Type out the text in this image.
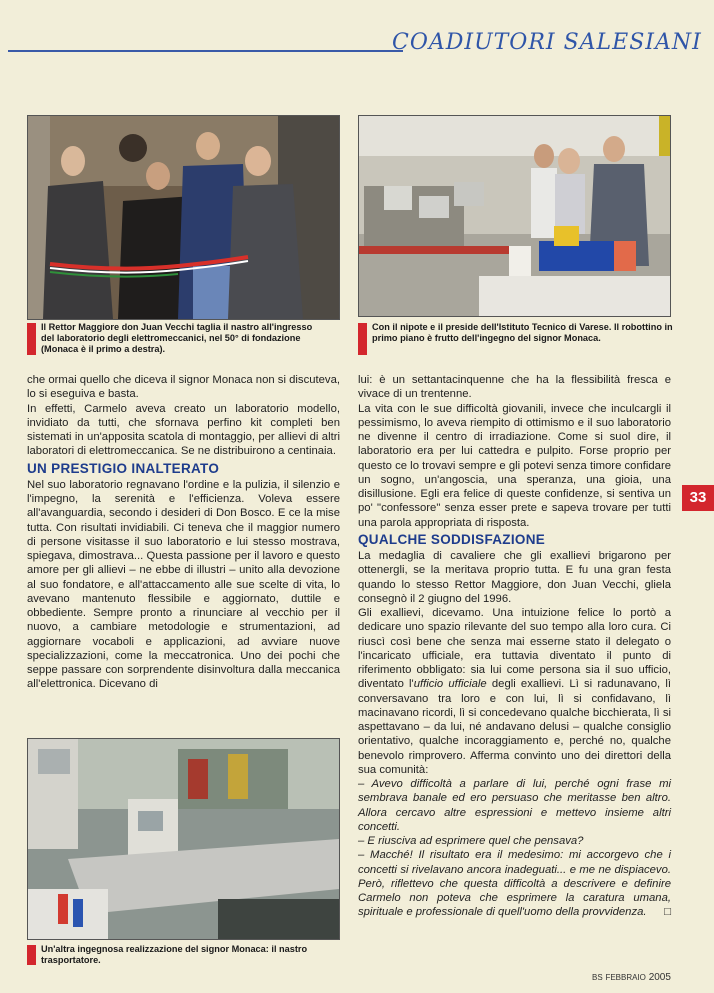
COADIUTORI SALESIANI
Il Rettor Maggiore don Juan Vecchi taglia il nastro all'ingresso del laboratorio degli elettromeccanici, nel 50° di fondazione (Monaca è il primo a destra).
Con il nipote e il preside dell'Istituto Tecnico di Varese. Il robottino in primo piano è frutto dell'ingegno del signor Monaca.

che ormai quello che diceva il signor Monaca non si discuteva, lo si eseguiva e basta.

In effetti, Carmelo aveva creato un laboratorio modello, invidiato da tutti, che sfornava perfino kit completi ben sistemati in un'apposita scatola di montaggio, per allievi di altri laboratori di elettromeccanica. Se ne distribuirono a centinaia.

UN PRESTIGIO INALTERATO

Nel suo laboratorio regnavano l'ordine e la pulizia, il silenzio e l'impegno, la serenità e l'efficienza. Voleva essere all'avanguardia, secondo i desideri di Don Bosco. E ce la mise tutta. Con risultati invidiabili. Ci teneva che il maggior numero di persone visitasse il suo laboratorio e lui stesso mostrava, spiegava, dimostrava... Questa passione per il lavoro e questo amore per gli allievi – ne ebbe di illustri – unito alla devozione al suo fondatore, e all'attaccamento alle sue scelte di vita, lo avevano mantenuto flessibile e aggiornato, duttile e obbediente. Sempre pronto a rinunciare al vecchio per il nuovo, a cambiare metodologie e strumentazioni, ad aggiornare vocaboli e applicazioni, ad avviare nuove specializzazioni, come la meccatronica. Uno dei pochi che seppe passare con sorprendente disinvoltura dalla meccanica all'elettronica. Dicevano di

Un'altra ingegnosa realizzazione del signor Monaca: il nastro trasportatore.

lui: è un settantacinquenne che ha la flessibilità fresca e vivace di un trentenne.

La vita con le sue difficoltà giovanili, invece che inculcargli il pessimismo, lo aveva riempito di ottimismo e il suo laboratorio ne divenne il centro di irradiazione. Come si suol dire, il laboratorio era per lui cattedra e pulpito. Forse proprio per questo ce lo trovavi sempre e gli potevi senza timore confidare un sogno, un'angoscia, una speranza, una gioia, una disillusione. Egli era felice di queste confidenze, si sentiva un po' "confessore" senza esser prete e sapeva trovare per tutti una parola appropriata di risposta.

QUALCHE SODDISFAZIONE

La medaglia di cavaliere che gli exallievi brigarono per ottenergli, se la meritava proprio tutta. E fu una gran festa quando lo stesso Rettor Maggiore, don Juan Vecchi, gliela consegnò il 2 giugno del 1996.

Gli exallievi, dicevamo. Una intuizione felice lo portò a dedicare uno spazio rilevante del suo tempo alla loro cura. Ci riuscì così bene che senza mai esserne stato il delegato o l'incaricato ufficiale, era tuttavia diventato il punto di riferimento obbligato: sia lui come persona sia il suo ufficio, diventato l'ufficio ufficiale degli exallievi. Lì si radunavano, lì conversavano tra loro e con lui, lì si confidavano, lì macinavano ricordi, lì si concedevano qualche bicchierata, lì si aspettavano – da lui, né andavano delusi – qualche consiglio orientativo, qualche incoraggiamento e, perché no, qualche benevolo rimprovero. Afferma convinto uno dei direttori della sua comunità:

– Avevo difficoltà a parlare di lui, perché ogni frase mi sembrava banale ed ero persuaso che meritasse ben altro. Allora cercavo altre espressioni e mettevo insieme altri concetti.

– E riusciva ad esprimere quel che pensava?

– Macché! Il risultato era il medesimo: mi accorgevo che i concetti si rivelavano ancora inadeguati... e me ne dispiacevo. Però, riflettevo che questa difficoltà a descrivere e definire Carmelo non poteva che esprimere la caratura umana, spirituale e professionale di quell'uomo della provvidenza. □

33
BS FEBBRAIO 2005
